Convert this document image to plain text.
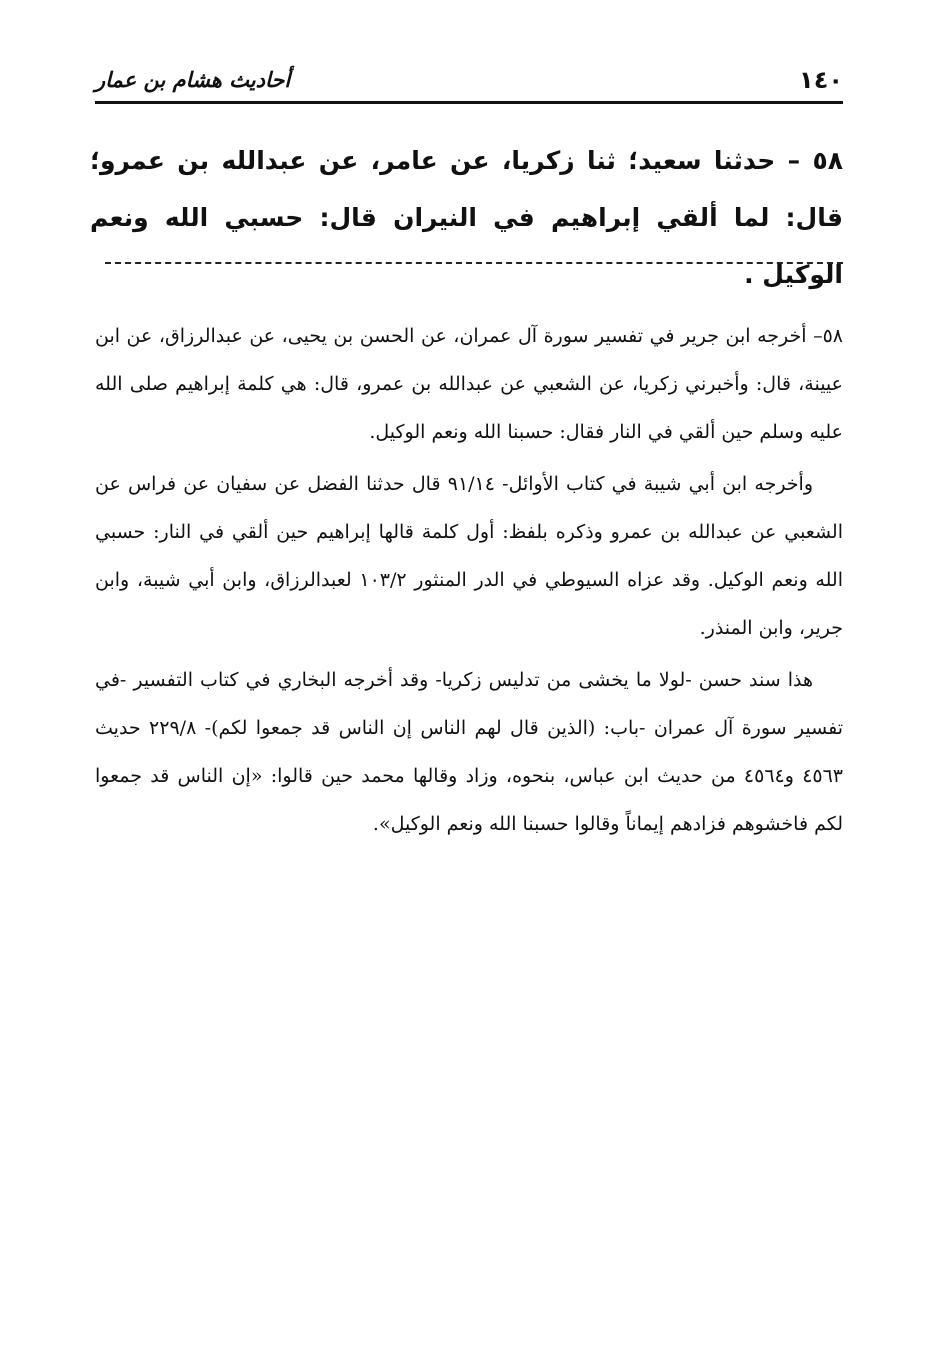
١٤٠
أحاديث هشام بن عمار
٥٨ – حدثنا سعيد؛ ثنا زكريا، عن عامر، عن عبدالله بن عمرو؛ قال: لما ألقي إبراهيم في النيران قال: حسبي الله ونعم الوكيل .

٥٨– أخرجه ابن جرير في تفسير سورة آل عمران، عن الحسن بن يحيى، عن عبدالرزاق، عن ابن عيينة، قال: وأخبرني زكريا، عن الشعبي عن عبدالله بن عمرو، قال: هي كلمة إبراهيم صلى الله عليه وسلم حين ألقي في النار فقال: حسبنا الله ونعم الوكيل.

وأخرجه ابن أبي شيبة في كتاب الأوائل- ٩١/١٤ قال حدثنا الفضل عن سفيان عن فراس عن الشعبي عن عبدالله بن عمرو وذكره بلفظ: أول كلمة قالها إبراهيم حين ألقي في النار: حسبي الله ونعم الوكيل. وقد عزاه السيوطي في الدر المنثور ١٠٣/٢ لعبدالرزاق، وابن أبي شيبة، وابن جرير، وابن المنذر.

هذا سند حسن -لولا ما يخشى من تدليس زكريا- وقد أخرجه البخاري في كتاب التفسير -في تفسير سورة آل عمران -باب: (الذين قال لهم الناس إن الناس قد جمعوا لكم)- ٢٢٩/٨ حديث ٤٥٦٣ و٤٥٦٤ من حديث ابن عباس، بنحوه، وزاد وقالها محمد حين قالوا: «إن الناس قد جمعوا لكم فاخشوهم فزادهم إيماناً وقالوا حسبنا الله ونعم الوكيل».
